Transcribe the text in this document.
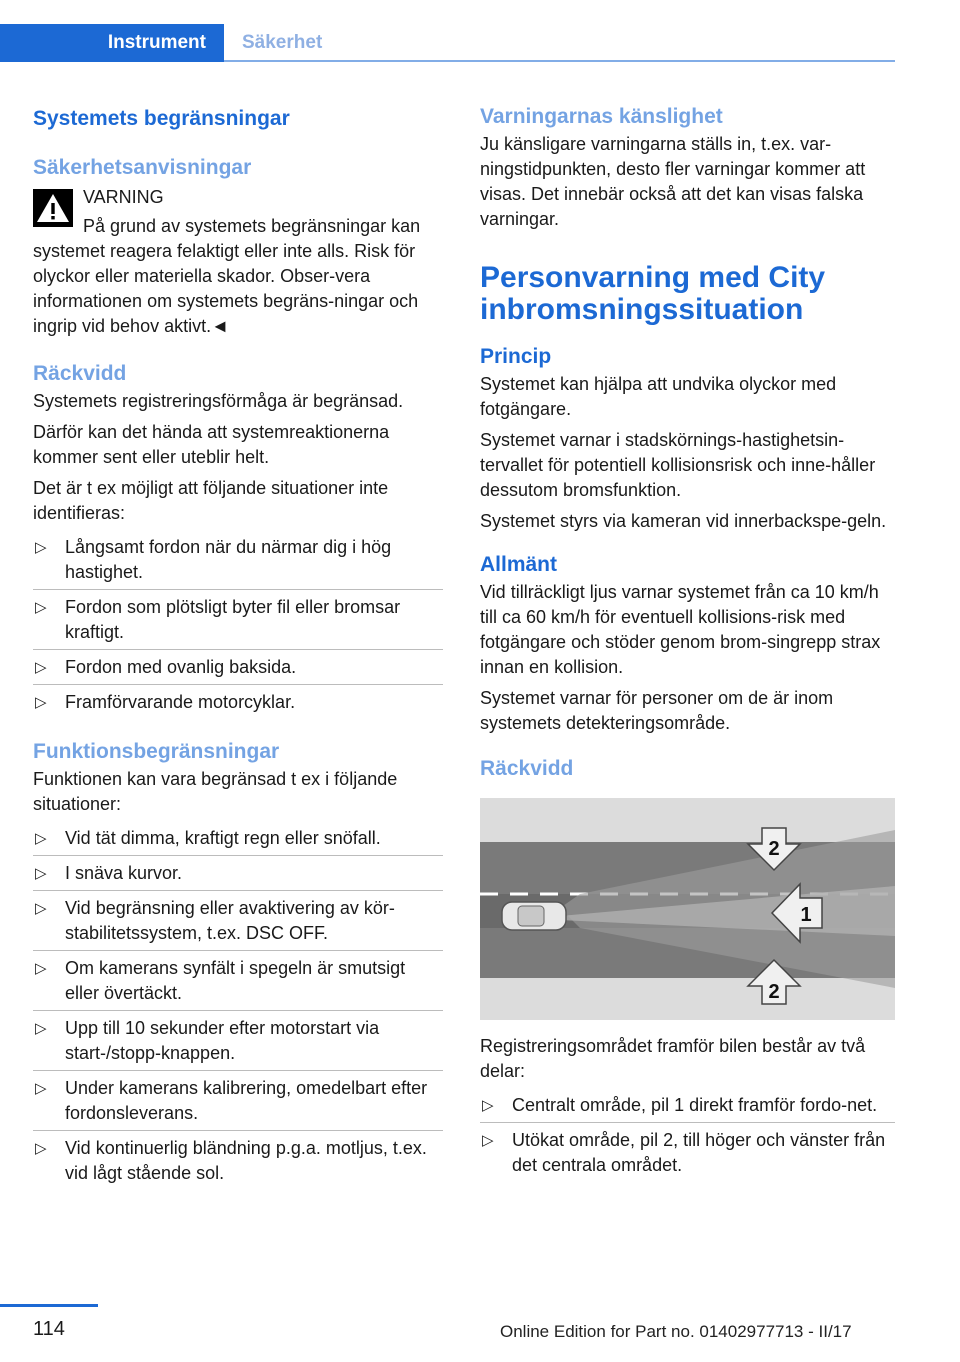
Instrument	Säkerhet
Systemets begränsningar
Säkerhetsanvisningar

VARNING

På grund av systemets begränsningar kan systemet reagera felaktigt eller inte alls. Risk för olyckor eller materiella skador. Obser‐vera informationen om systemets begräns‐ningar och ingrip vid behov aktivt.◄

Räckvidd

Systemets registreringsförmåga är begränsad.

Därför kan det hända att systemreaktionerna kommer sent eller uteblir helt.

Det är t ex möjligt att följande situationer inte identifieras:

▷ Långsamt fordon när du närmar dig i hög hastighet.
▷ Fordon som plötsligt byter fil eller bromsar kraftigt.
▷ Fordon med ovanlig baksida.
▷ Framförvarande motorcyklar.
Funktionsbegränsningar

Funktionen kan vara begränsad t ex i följande situationer:

▷ Vid tät dimma, kraftigt regn eller snöfall.
▷ I snäva kurvor.
▷ Vid begränsning eller avaktivering av kör‐stabilitetssystem, t.ex. DSC OFF.
▷ Om kamerans synfält i spegeln är smutsigt eller övertäckt.
▷ Upp till 10 sekunder efter motorstart via start-/stopp-knappen.
▷ Under kamerans kalibrering, omedelbart efter fordonsleverans.
▷ Vid kontinuerlig bländning p.g.a. motljus, t.ex. vid lågt stående sol.
Varningarnas känslighet

Ju känsligare varningarna ställs in, t.ex. var‐ningstidpunkten, desto fler varningar kommer att visas. Det innebär också att det kan visas falska varningar.

Personvarning med City inbromsningssituation
Princip

Systemet kan hjälpa att undvika olyckor med fotgängare.

Systemet varnar i stadskörnings-hastighetsin‐tervallet för potentiell kollisionsrisk och inne‐håller dessutom bromsfunktion.

Systemet styrs via kameran vid innerbackspe‐geln.

Allmänt

Vid tillräckligt ljus varnar systemet från ca 10 km/h till ca 60 km/h för eventuell kollisions‐risk med fotgängare och stöder genom brom‐singrepp strax innan en kollision.

Systemet varnar för personer om de är inom systemets detekteringsområde.

Räckvidd
2
1
2

Registreringsområdet framför bilen består av två delar:

▷ Centralt område, pil 1 direkt framför fordo‐net.
▷ Utökat område, pil 2, till höger och vänster från det centrala området.
114	Online Edition for Part no. 01402977713 - II/17
